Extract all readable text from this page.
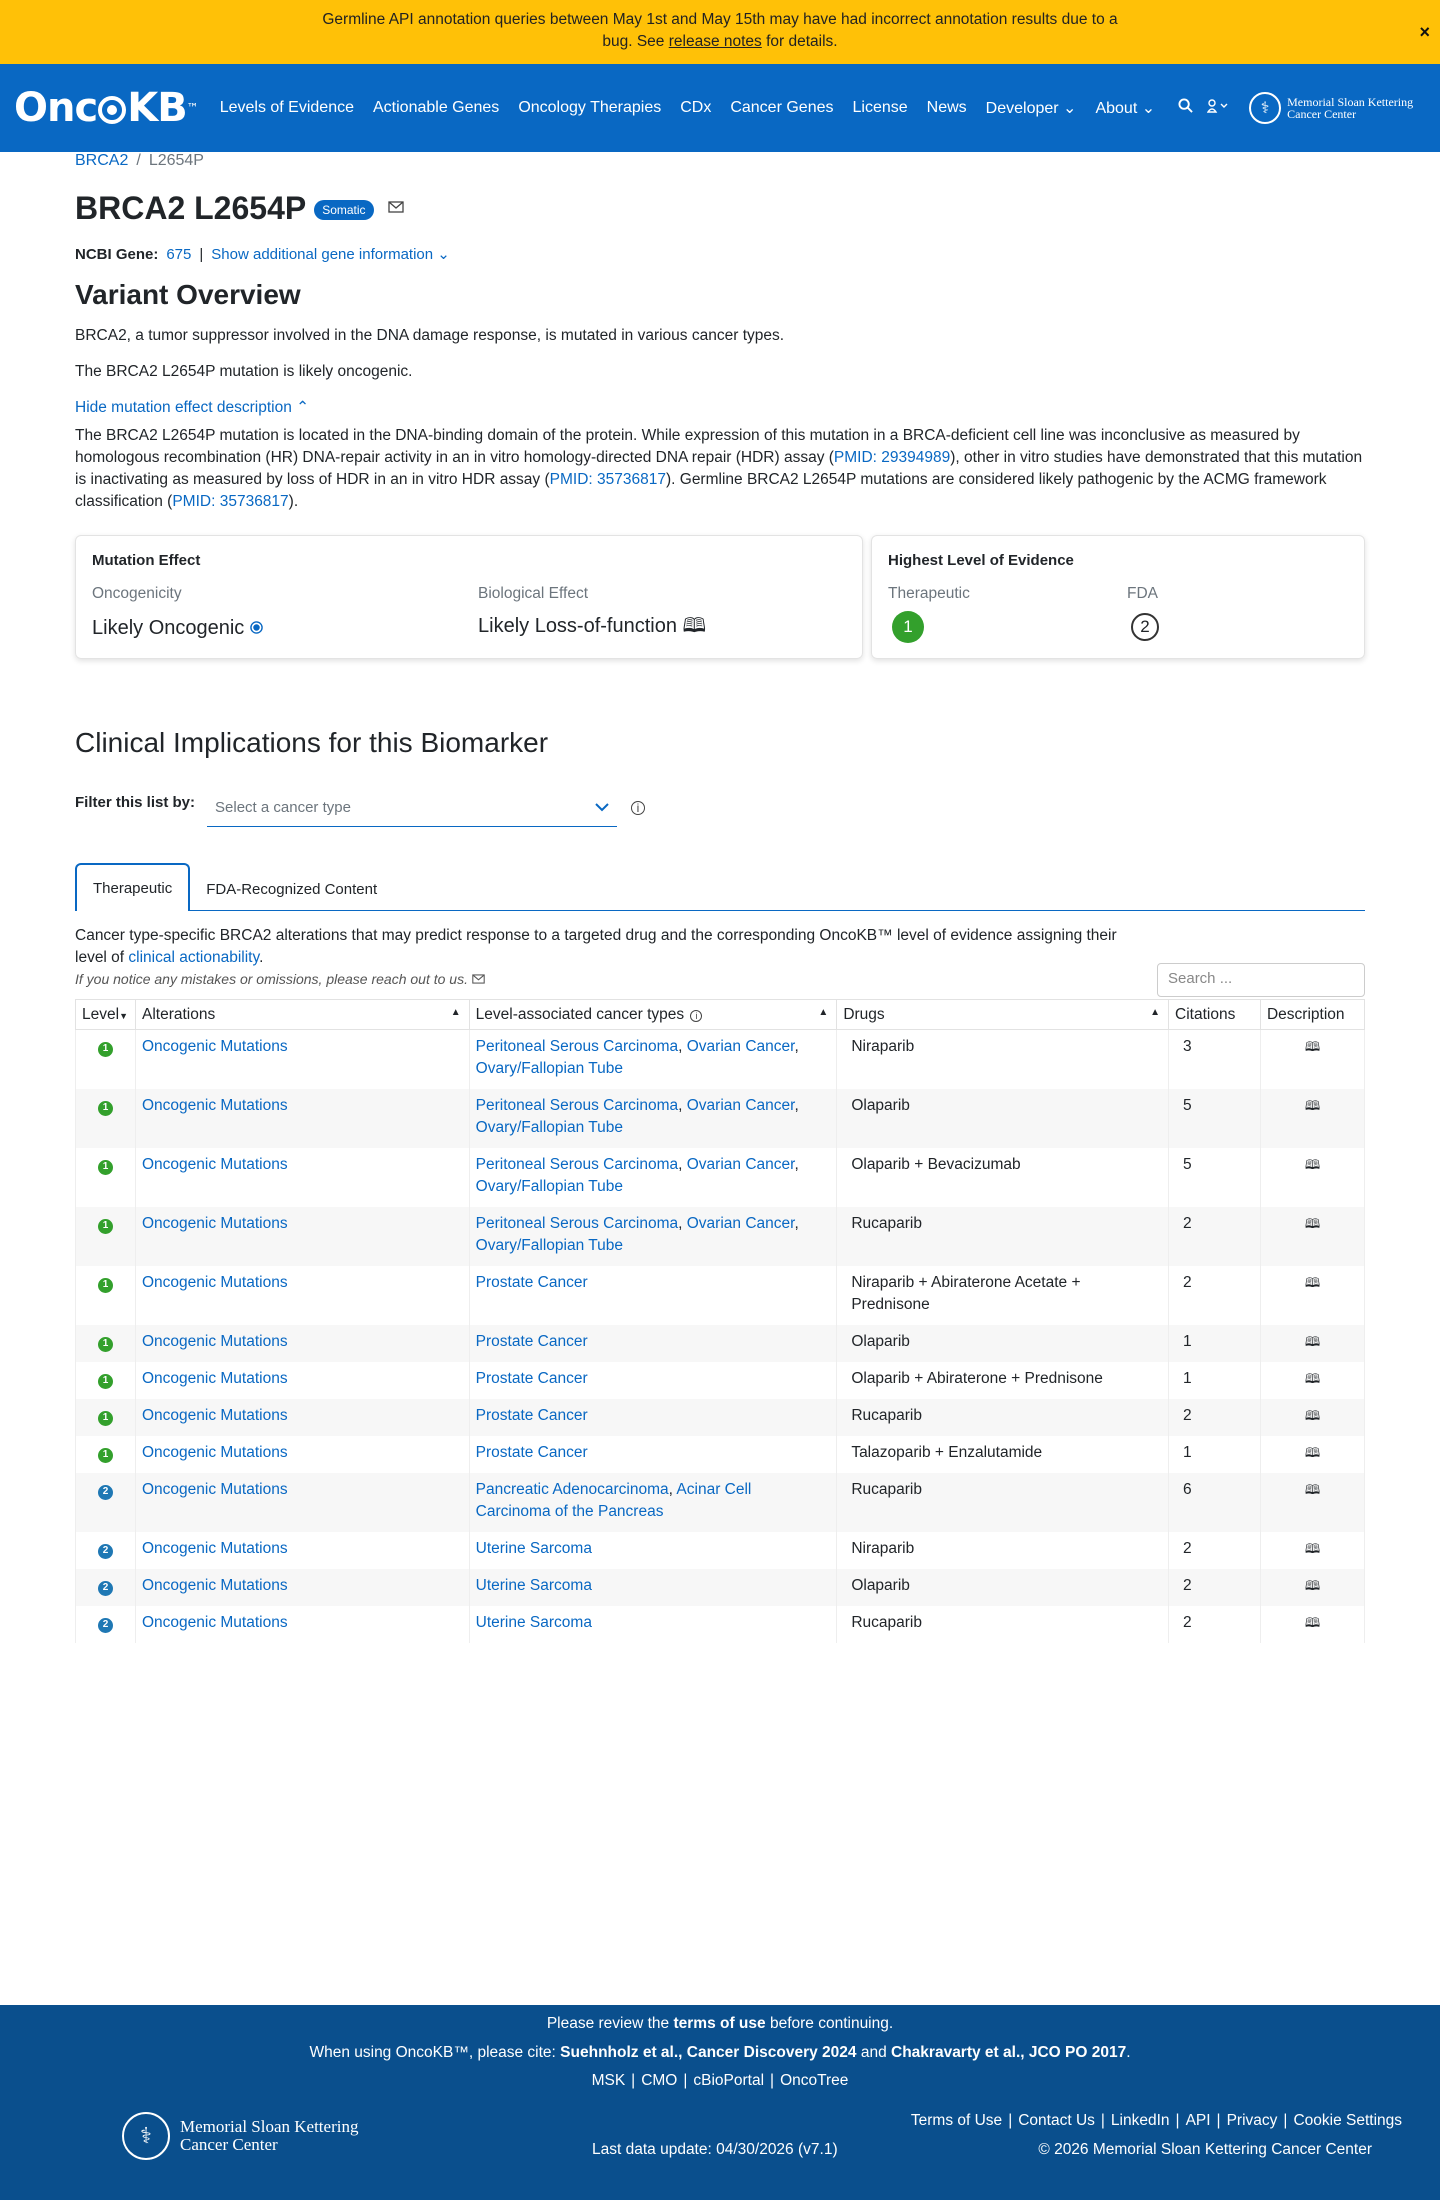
Germline API annotation queries between May 1st and May 15th may have had incorrect annotation results due to a
bug. See release notes for details.	×
Onc KB ™ Levels of Evidence Actionable Genes Oncology Therapies CDx Cancer Genes License News Developer ⌄ About ⌄	⚕	Memorial Sloan Kettering
Cancer Center
BRCA2 / L2654P
BRCA2 L2654P	Somatic
NCBI Gene: 675 | Show additional gene information ⌄
Variant Overview

BRCA2, a tumor suppressor involved in the DNA damage response, is mutated in various cancer types.

The BRCA2 L2654P mutation is likely oncogenic.

Hide mutation effect description ⌃

The BRCA2 L2654P mutation is located in the DNA-binding domain of the protein. While expression of this mutation in a BRCA-deficient cell line was inconclusive as measured by homologous recombination (HR) DNA-repair activity in an in vitro homology-directed DNA repair (HDR) assay (PMID: 29394989), other in vitro studies have demonstrated that this mutation is inactivating as measured by loss of HDR in an in vitro HDR assay (PMID: 35736817). Germline BRCA2 L2654P mutations are considered likely pathogenic by the ACMG framework classification (PMID: 35736817).
Mutation Effect
Oncogenicity
Likely Oncogenic
Biological Effect
Likely Loss-of-function 🕮
Highest Level of Evidence
Therapeutic
1
FDA
2
Clinical Implications for this Biomarker
Filter this list by: Select a cancer type	i
Therapeutic	FDA-Recognized Content

Cancer type-specific BRCA2 alterations that may predict response to a targeted drug and the corresponding OncoKB™ level of evidence assigning their level of clinical actionability.

If you notice any mistakes or omissions, please reach out to us.	Search ...
Level▼	Alterations ▲	Level-associated cancer types i ▲	Drugs ▲	Citations	Description
1	Oncogenic Mutations	Peritoneal Serous Carcinoma, Ovarian Cancer, Ovary/Fallopian Tube	Niraparib	3	🕮
1	Oncogenic Mutations	Peritoneal Serous Carcinoma, Ovarian Cancer, Ovary/Fallopian Tube	Olaparib	5	🕮
1	Oncogenic Mutations	Peritoneal Serous Carcinoma, Ovarian Cancer, Ovary/Fallopian Tube	Olaparib + Bevacizumab	5	🕮
1	Oncogenic Mutations	Peritoneal Serous Carcinoma, Ovarian Cancer, Ovary/Fallopian Tube	Rucaparib	2	🕮
1	Oncogenic Mutations	Prostate Cancer	Niraparib + Abiraterone Acetate + Prednisone	2	🕮
1	Oncogenic Mutations	Prostate Cancer	Olaparib	1	🕮
1	Oncogenic Mutations	Prostate Cancer	Olaparib + Abiraterone + Prednisone	1	🕮
1	Oncogenic Mutations	Prostate Cancer	Rucaparib	2	🕮
1	Oncogenic Mutations	Prostate Cancer	Talazoparib + Enzalutamide	1	🕮
2	Oncogenic Mutations	Pancreatic Adenocarcinoma, Acinar Cell Carcinoma of the Pancreas	Rucaparib	6	🕮
2	Oncogenic Mutations	Uterine Sarcoma	Niraparib	2	🕮
2	Oncogenic Mutations	Uterine Sarcoma	Olaparib	2	🕮
2	Oncogenic Mutations	Uterine Sarcoma	Rucaparib	2	🕮
Please review the terms of use before continuing.
When using OncoKB™, please cite: Suehnholz et al., Cancer Discovery 2024 and Chakravarty et al., JCO PO 2017.
MSK | CMO | cBioPortal | OncoTree
⚕	Memorial Sloan Kettering
Cancer Center	Last data update: 04/30/2026 (v7.1)
Terms of Use | Contact Us | LinkedIn | API | Privacy | Cookie Settings
© 2026 Memorial Sloan Kettering Cancer Center
